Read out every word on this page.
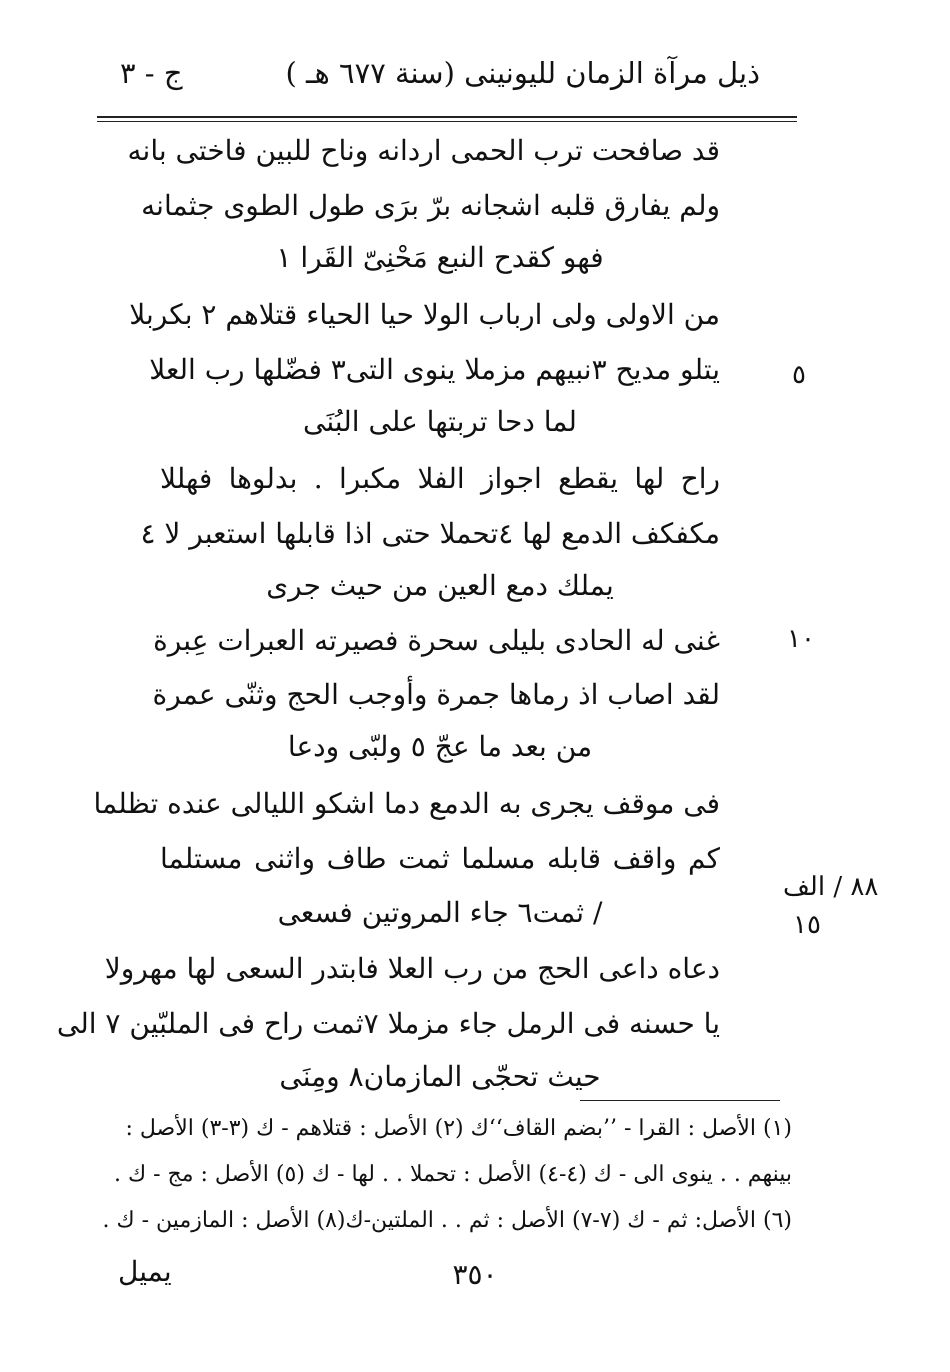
ذيل مرآة الزمان لليونينى (سنة ٦٧٧ هـ )
ج - ٣
قد صافحت ترب الحمى اردانه وناح للبين فاختى بانه
ولم يفارق قلبه اشجانه برّ برَى طول الطوى جثمانه
فهو كقدح النبع مَحْنِىّ القَرا ١
من الاولى ولى ارباب الولا حيا الحياء قتلاهم ٢ بكربلا
يتلو مديح ٣نبيهم مزملا ينوى التى٣ فضّلها رب العلا
لما دحا تربتها على البُنَى
راح لها يقطع اجواز الفلا مكبرا . بدلوها فهللا
مكفكف الدمع لها ٤تحملا حتى اذا قابلها استعبر لا ٤
يملك دمع العين من حيث جرى
غنى له الحادى بليلى سحرة فصيرته العبرات عِبرة
لقد اصاب اذ رماها جمرة وأوجب الحج وثنّى عمرة
من بعد ما عجّ ٥ ولبّى ودعا
فى موقف يجرى به الدمع دما اشكو الليالى عنده تظلما
كم واقف قابله مسلما ثمت طاف واثنى مستلما
/ ثمت٦ جاء المروتين فسعى
دعاه داعى الحج من رب العلا فابتدر السعى لها مهرولا
يا حسنه فى الرمل جاء مزملا ٧ثمت راح فى الملبّين ٧ الى
حيث تحجّى المازمان٨ ومِنَى
٥
١٠
١٥
٨٨ / الف
(١) الأصل : القرا - ’’بضم القاف‘‘ك (٢) الأصل : قتلاهم - ك (٣-٣) الأصل :
بينهم . . ينوى الى - ك (٤-٤) الأصل : تحملا . . لها - ك (٥) الأصل : مج - ك .
(٦) الأصل: ثم - ك (٧-٧) الأصل : ثم . . الملتين-ك(٨) الأصل : المازمين - ك .
٣٥٠
يميل
